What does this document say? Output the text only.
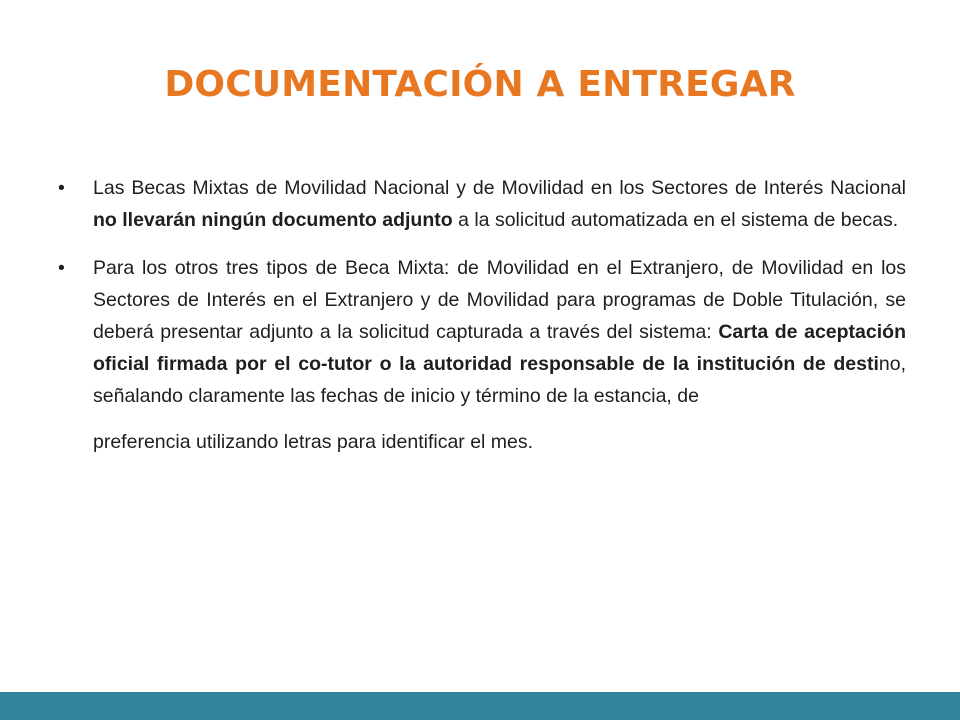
DOCUMENTACIÓN A ENTREGAR
• Las Becas Mixtas de Movilidad Nacional y de Movilidad en los Sectores de Interés Nacional no llevarán ningún documento adjunto a la solicitud automatizada en el sistema de becas.
• Para los otros tres tipos de Beca Mixta: de Movilidad en el Extranjero, de Movilidad en los Sectores de Interés en el Extranjero y de Movilidad para programas de Doble Titulación, se deberá presentar adjunto a la solicitud capturada a través del sistema: Carta de aceptación oficial firmada por el co-tutor o la autoridad responsable de la institución de destino, señalando claramente las fechas de inicio y término de la estancia, de
preferencia utilizando letras para identificar el mes.
